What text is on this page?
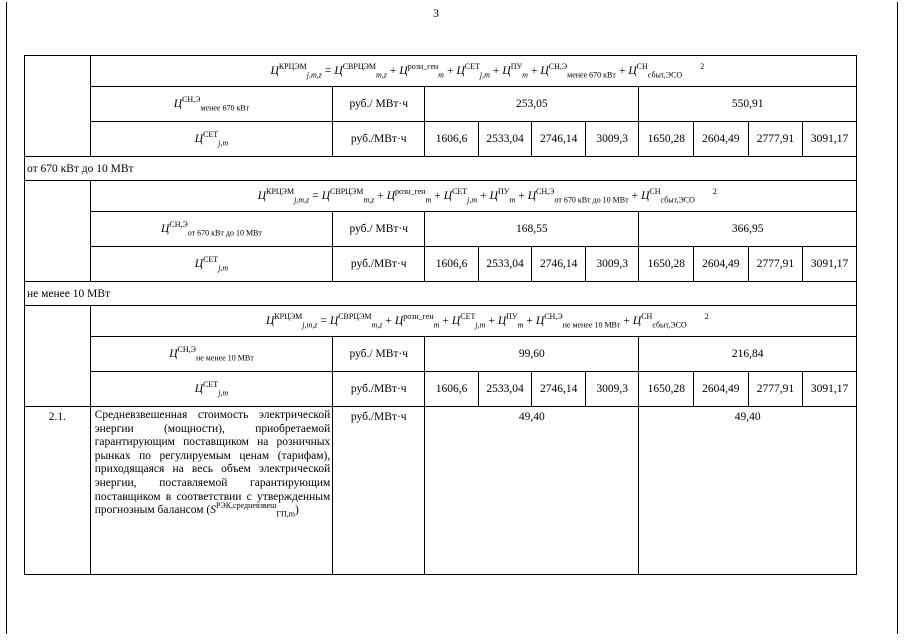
3
	$Ц^{КРЦЭМ}_{j,m,z} = Ц^{СВРЦЭМ}_{m,z} + Ц^{розн\_ген}_m + Ц^{СЕТ}_{j,m} + Ц^{ПУ}_m + Ц^{СН,Э}_{менее 670 кВт} + Ц^{СН}_{сбыт,ЭСО}^2$
	$Ц^{СН,Э}_{менее 670 кВт}$	руб./ МВт·ч	253,05				550,91			
	$Ц^{СЕТ}_{j,m}$	руб./МВт·ч	1606,6	2533,04	2746,14	3009,3	1650,28	2604,49	2777,91	3091,17
от 670 кВт до 10 МВт										
	$Ц^{КРЦЭМ}_{j,m,z} = Ц^{СВРЦЭМ}_{m,z} + Ц^{розн\_ген}_m + Ц^{СЕТ}_{j,m} + Ц^{ПУ}_m + Ц^{СН,Э}_{от 670 кВт до 10 МВт} + Ц^{СН}_{сбыт,ЭСО}^2$
	$Ц^{СН,Э}_{от 670 кВт до 10 МВт}$	руб./ МВт·ч	168,55				366,95			
	$Ц^{СЕТ}_{j,m}$	руб./МВт·ч	1606,6	2533,04	2746,14	3009,3	1650,28	2604,49	2777,91	3091,17
не менее 10 МВт										
	$Ц^{КРЦЭМ}_{j,m,z} = Ц^{СВРЦЭМ}_{m,z} + Ц^{розн\_ген}_m + Ц^{СЕТ}_{j,m} + Ц^{ПУ}_m + Ц^{СН,Э}_{не менее 10 МВт} + Ц^{СН}_{сбыт,ЭСО}^2$
	$Ц^{СН,Э}_{не менее 10 МВт}$	руб./ МВт·ч	99,60				216,84			
	$Ц^{СЕТ}_{j,m}$	руб./МВт·ч	1606,6	2533,04	2746,14	3009,3	1650,28	2604,49	2777,91	3091,17
2.1.	Средневзвешенная стоимость электрической энергии (мощности), приобретаемой гарантирующим поставщиком на розничных рынках по регулируемым ценам (тарифам), приходящаяся на весь объем электрической энергии, поставляемой гарантирующим поставщиком в соответствии с утвержденным прогнозным балансом $(S^{РЭК,средневзвеш}_{ГП,m})$	руб./МВт·ч	49,40				49,40			
